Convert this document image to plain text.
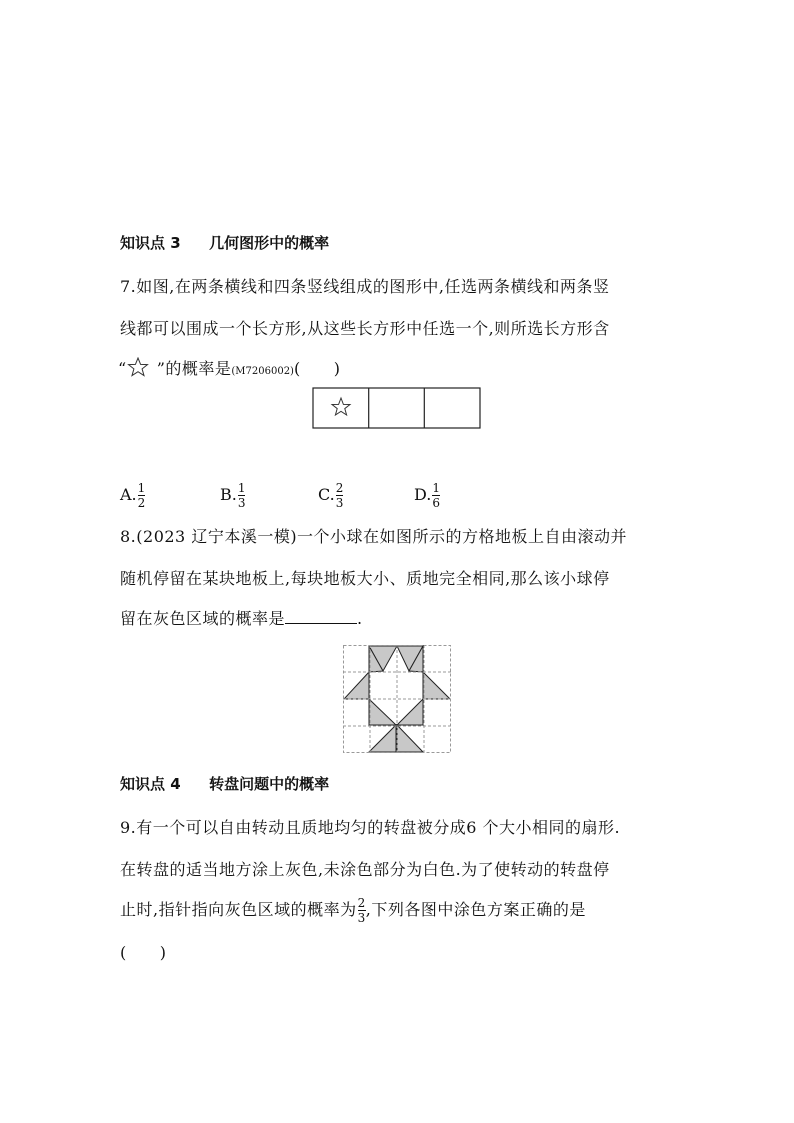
知识点 3 几何图形中的概率
7.如图,在两条横线和四条竖线组成的图形中,任选两条横线和两条竖
线都可以围成一个长方形,从这些长方形中任选一个,则所选长方形含
“ ”的概率是(M7206002)(　　)
A. $\frac{1}{2}$	B. $\frac{1}{3}$	C. $\frac{2}{3}$	D. $\frac{1}{6}$
8.(2023 辽宁本溪一模)一个小球在如图所示的方格地板上自由滚动并
随机停留在某块地板上,每块地板大小、质地完全相同,那么该小球停
留在灰色区域的概率是	.
知识点 4 转盘问题中的概率
9.有一个可以自由转动且质地均匀的转盘被分成6 个大小相同的扇形.
在转盘的适当地方涂上灰色,未涂色部分为白色.为了使转动的转盘停
止时,指针指向灰色区域的概率为 $\frac{2}{3}$ ,下列各图中涂色方案正确的是
(　　)
